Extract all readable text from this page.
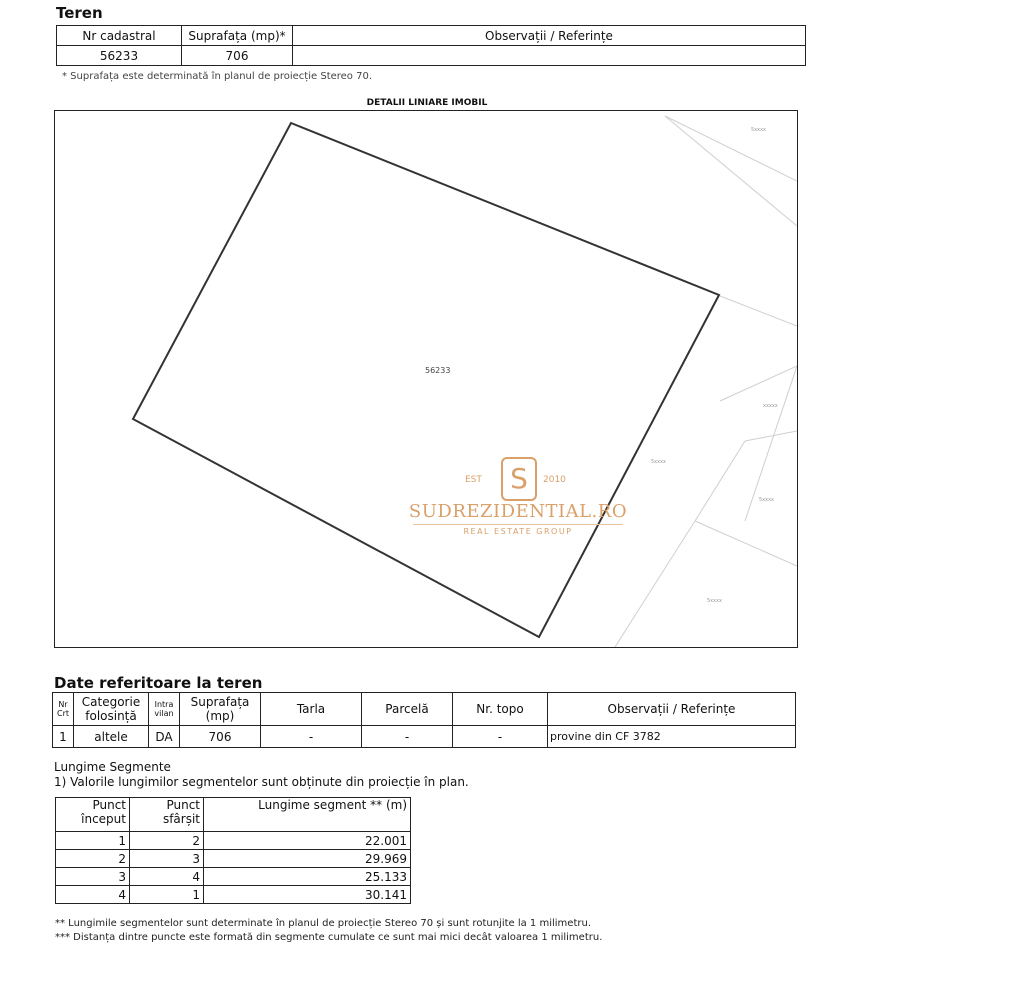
Teren
Nr cadastral	Suprafața (mp)*	Observații / Referințe
56233	706	
* Suprafața este determinată în planul de proiecție Stereo 70.
DETALII LINIARE IMOBIL
56233
5xxxx
xxxxx
5xxxx
5xxxx
5xxxx
EST	S	2010
SUDREZIDENTIAL.RO
REAL ESTATE GROUP
Date referitoare la teren
Nr Crt	Categorie folosință	Intra vilan	Suprafața (mp)	Tarla	Parcelă	Nr. topo	Observații / Referințe
1	altele	DA	706	-	-	-	provine din CF 3782
Lungime Segmente
1) Valorile lungimilor segmentelor sunt obținute din proiecție în plan.
Punct început	Punct sfârșit	Lungime segment ** (m)
1	2	22.001
2	3	29.969
3	4	25.133
4	1	30.141
** Lungimile segmentelor sunt determinate în planul de proiecție Stereo 70 și sunt rotunjite la 1 milimetru.
*** Distanța dintre puncte este formată din segmente cumulate ce sunt mai mici decât valoarea 1 milimetru.
